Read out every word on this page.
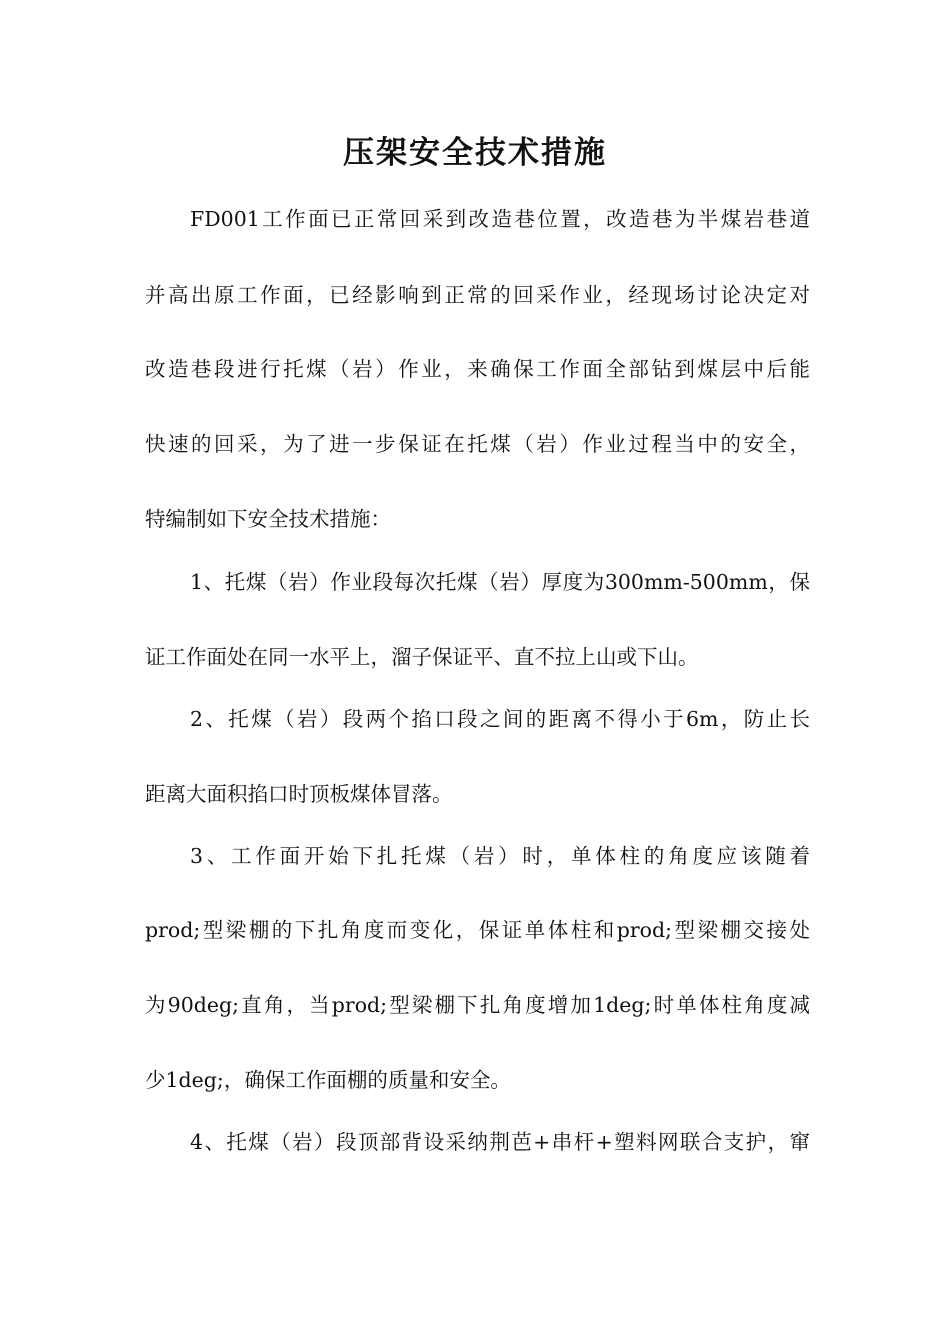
压架安全技术措施
FD001工作面已正常回采到改造巷位置，改造巷为半煤岩巷道
并高出原工作面，已经影响到正常的回采作业，经现场讨论决定对
改造巷段进行托煤（岩）作业，来确保工作面全部钻到煤层中后能
快速的回采，为了进一步保证在托煤（岩）作业过程当中的安全，
特编制如下安全技术措施：
1、托煤（岩）作业段每次托煤（岩）厚度为300mm-500mm，保
证工作面处在同一水平上，溜子保证平、直不拉上山或下山。
2、托煤（岩）段两个掐口段之间的距离不得小于6m，防止长
距离大面积掐口时顶板煤体冒落。
3、工作面开始下扎托煤（岩）时，单体柱的角度应该随着
prod;型梁棚的下扎角度而变化，保证单体柱和prod;型梁棚交接处
为90deg;直角，当prod;型梁棚下扎角度增加1deg;时单体柱角度减
少1deg;，确保工作面棚的质量和安全。
4、托煤（岩）段顶部背设采纳荆芭+串杆+塑料网联合支护，窜
